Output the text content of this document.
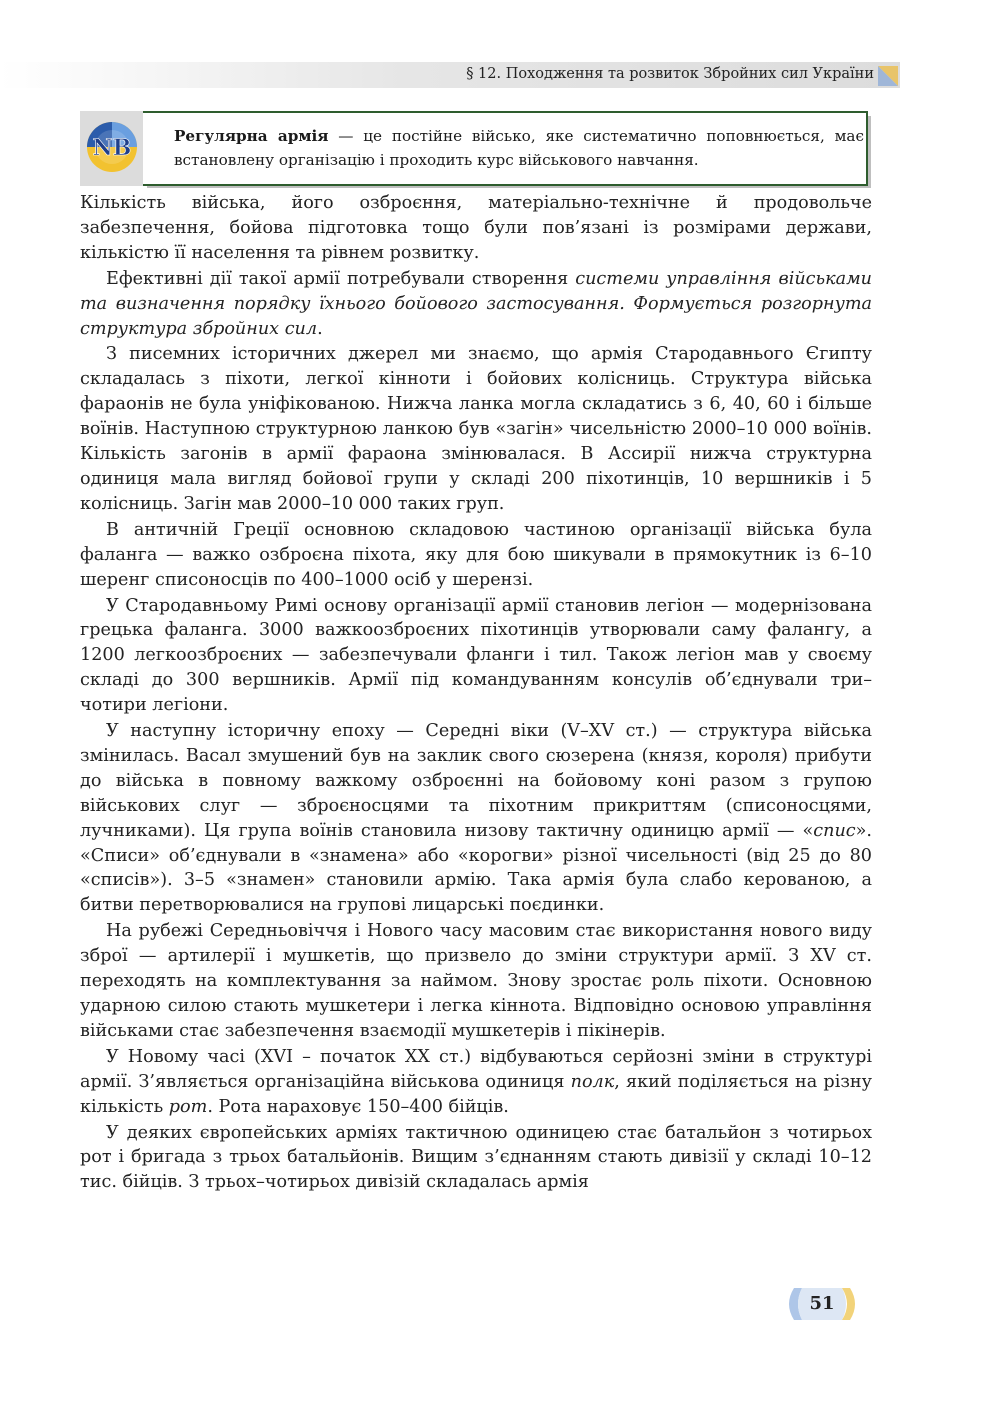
§ 12. Походження та розвиток Збройних сил України
NB	Регулярна армія — це постійне військо, яке систематично поповнюється, має встановлену організацію і проходить курс військового навчання.

Кількість війська, його озброєння, матеріально-технічне й продовольче забезпечення, бойова підготовка тощо були пов’язані із розмірами держави, кількістю її населення та рівнем розвитку.

Ефективні дії такої армії потребували створення системи управління військами та визначення порядку їхнього бойового застосування. Формується розгорнута структура збройних сил.

З писемних історичних джерел ми знаємо, що армія Стародавнього Єгипту складалась з піхоти, легкої кінноти і бойових колісниць. Структура війська фараонів не була уніфікованою. Нижча ланка могла складатись з 6, 40, 60 і більше воїнів. Наступною структурною ланкою був «загін» чисельністю 2000–10 000 воїнів. Кількість загонів в армії фараона змінювалася. В Ассирії нижча структурна одиниця мала вигляд бойової групи у складі 200 піхотинців, 10 вершників і 5 колісниць. Загін мав 2000–10 000 таких груп.

В античній Греції основною складовою частиною організації війська була фаланга — важко озброєна піхота, яку для бою шикували в прямокутник із 6–10 шеренг списоносців по 400–1000 осіб у шерензі.

У Стародавньому Римі основу організації армії становив легіон — модернізована грецька фаланга. 3000 важкоозброєних піхотинців утворювали саму фалангу, а 1200 легкоозброєних — забезпечували фланги і тил. Також легіон мав у своєму складі до 300 вершників. Армії під командуванням консулів об’єднували три–чотири легіони.

У наступну історичну епоху — Середні віки (V–XV ст.) — структура війська змінилась. Васал змушений був на заклик свого сюзерена (князя, короля) прибути до війська в повному важкому озброєнні на бойовому коні разом з групою військових слуг — зброєносцями та піхотним прикриттям (списоносцями, лучниками). Ця група воїнів становила низову тактичну одиницю армії — «спис». «Списи» об’єднували в «знамена» або «корогви» різної чисельності (від 25 до 80 «списів»). 3–5 «знамен» становили армію. Така армія була слабо керованою, а битви перетворювалися на групові лицарські поєдинки.

На рубежі Середньовіччя і Нового часу масовим стає використання нового виду зброї — артилерії і мушкетів, що призвело до зміни структури армії. З XV ст. переходять на комплектування за наймом. Знову зростає роль піхоти. Основною ударною силою стають мушкетери і легка кіннота. Відповідно основою управління військами стає забезпечення взаємодії мушкетерів і пікінерів.

У Новому часі (XVI – початок XX ст.) відбуваються серйозні зміни в структурі армії. З’являється організаційна військова одиниця полк, який поділяється на різну кількість рот. Рота нараховує 150–400 бійців.

У деяких європейських арміях тактичною одиницею стає батальйон з чотирьох рот і бригада з трьох батальйонів. Вищим з’єднанням стають дивізії у складі 10–12 тис. бійців. З трьох–чотирьох дивізій складалась армія

51
